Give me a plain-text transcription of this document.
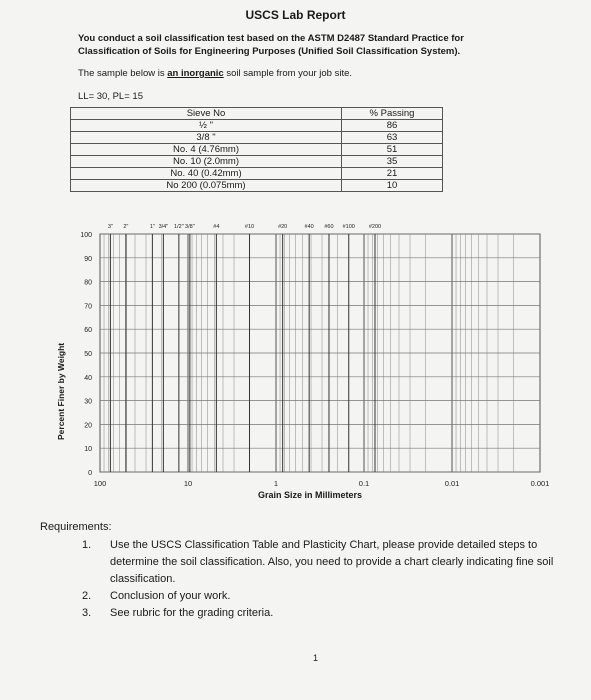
USCS Lab Report
You conduct a soil classification test based on the ASTM D2487 Standard Practice for Classification of Soils for Engineering Purposes (Unified Soil Classification System).
The sample below is an inorganic soil sample from your job site.
LL= 30, PL= 15
Sieve No	% Passing
½ "	86
3/8 "	63
No. 4 (4.76mm)	51
No. 10 (2.0mm)	35
No. 40 (0.42mm)	21
No 200 (0.075mm)	10
0
10
20
30
40
50
60
70
80
90
100
100	10	1	0.1	0.01	0.001
3" 2"	1" 3/4" 1/2" 3/8"	#4	#10	#20	#40 #60 #100	#200
Percent Finer by Weight
Grain Size in Millimeters
Requirements:
1.	Use the USCS Classification Table and Plasticity Chart, please provide detailed steps to determine the soil classification. Also, you need to provide a chart clearly indicating fine soil classification.
2.	Conclusion of your work.
3.	See rubric for the grading criteria.
1
